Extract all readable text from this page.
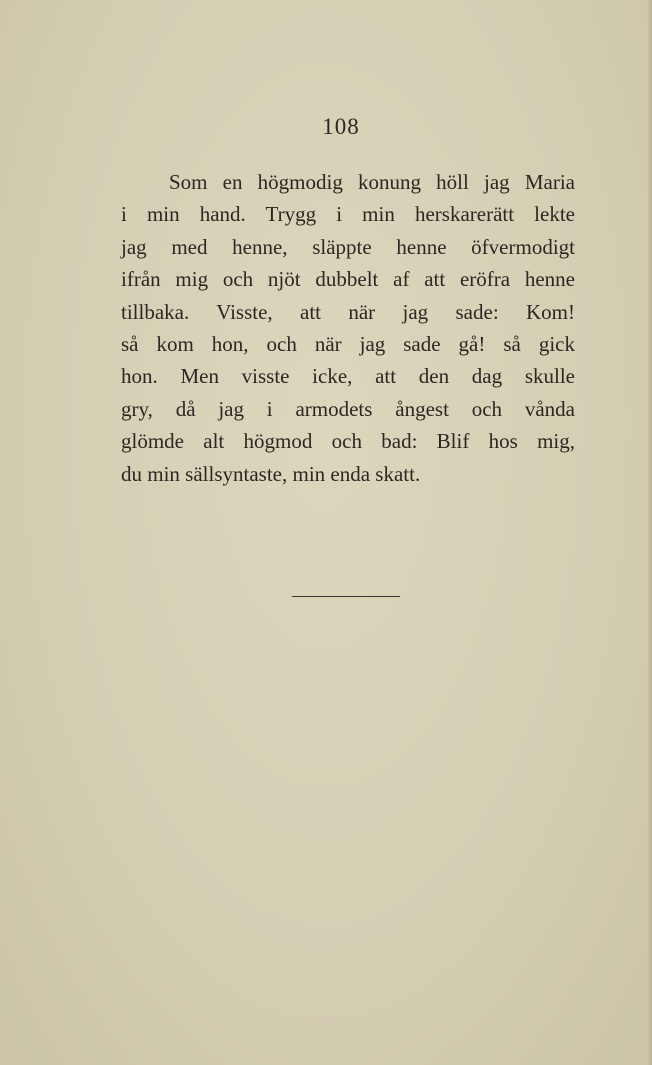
108
Som en högmodig konung höll jag Maria
i min hand. Trygg i min herskarerätt lekte
jag med henne, släppte henne öfvermodigt
ifrån mig och njöt dubbelt af att eröfra henne
tillbaka. Visste, att när jag sade: Kom!
så kom hon, och när jag sade gå! så gick
hon. Men visste icke, att den dag skulle
gry, då jag i armodets ångest och vånda
glömde alt högmod och bad: Blif hos mig,
du min sällsyntaste, min enda skatt.
